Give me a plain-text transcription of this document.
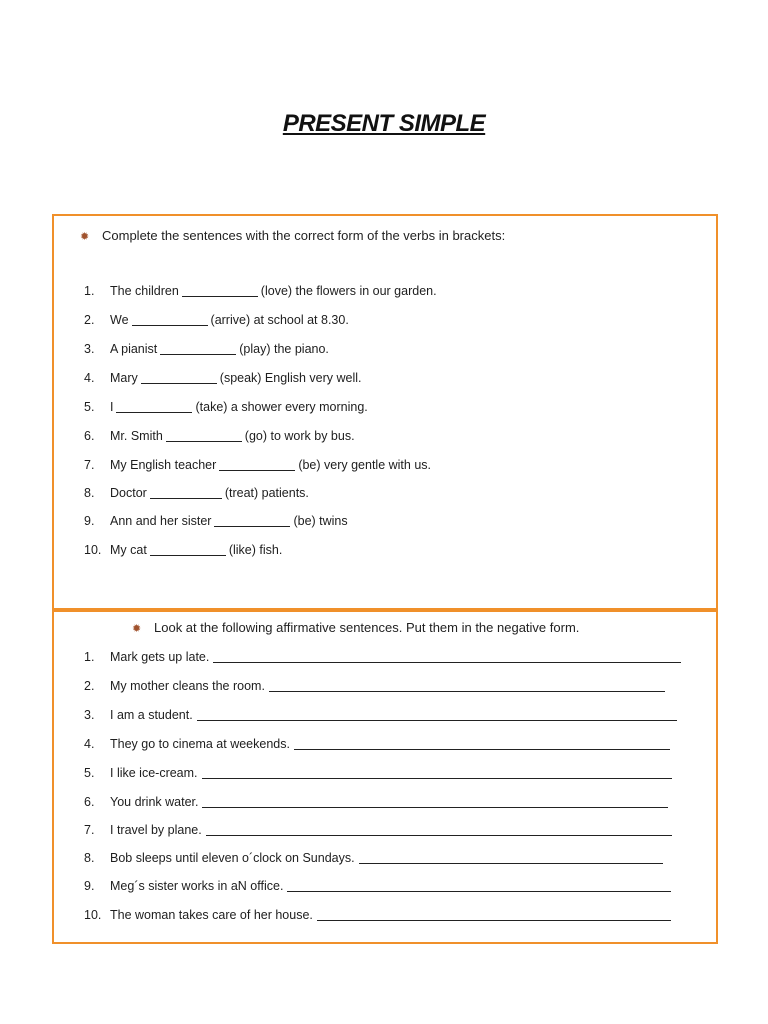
PRESENT SIMPLE
✹ Complete the sentences with the correct form of the verbs in brackets:
1. The children	(love) the flowers in our garden.
2. We	(arrive) at school at 8.30.
3. A pianist	(play) the piano.
4. Mary	(speak) English very well.
5. I	(take) a shower every morning.
6. Mr. Smith	(go) to work by bus.
7. My English teacher	(be) very gentle with us.
8. Doctor	(treat) patients.
9. Ann and her sister	(be) twins
10. My cat	(like) fish.
✹ Look at the following affirmative sentences. Put them in the negative form.
1. Mark gets up late.
2. My mother cleans the room.
3. I am a student.
4. They go to cinema at weekends.
5. I like ice-cream.
6. You drink water.
7. I travel by plane.
8. Bob sleeps until eleven o´clock on Sundays.
9. Meg´s sister works in aN office.
10. The woman takes care of her house.
